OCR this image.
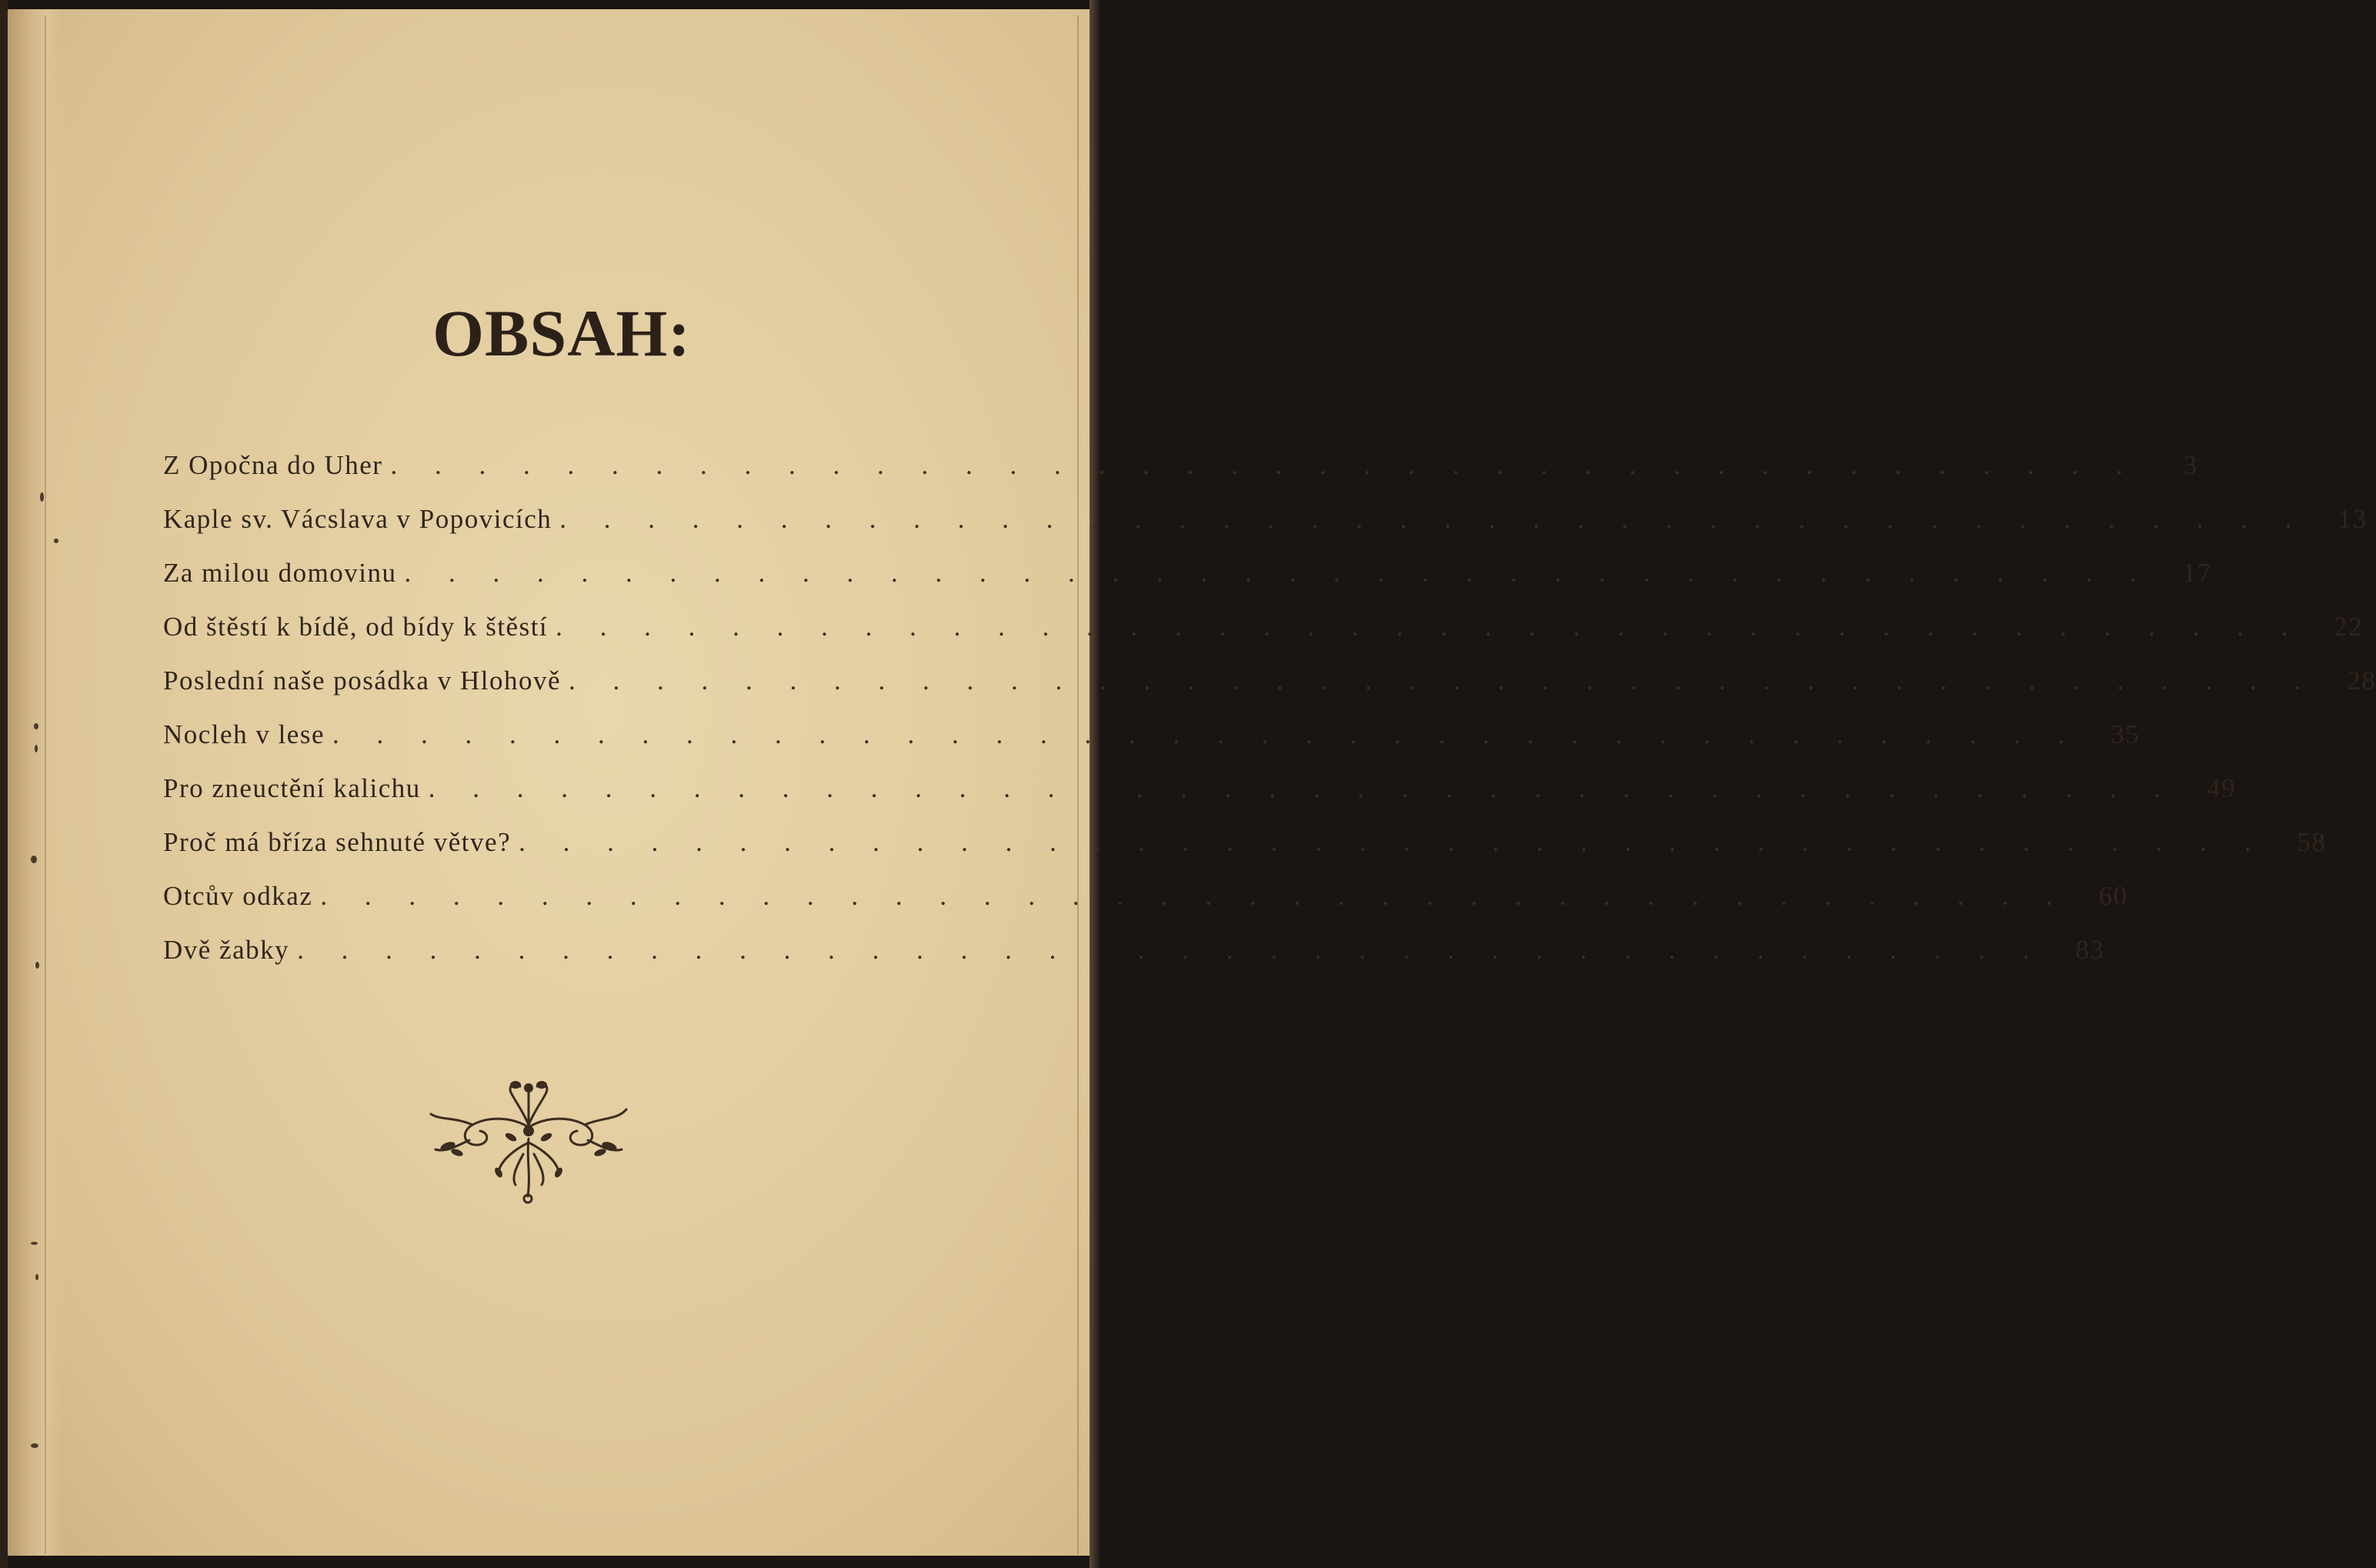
OBSAH:
Z Opočna do Uher . . . . . . . . . . . . . . . . . . . . . . . . . . . . . . . . . . . . . . . .	3
Kaple sv. Vácslava v Popovicích . . . . . . . . . . . . . . . . . . . . . . . . . . . . . . . . . . . . . . . .	13
Za milou domovinu . . . . . . . . . . . . . . . . . . . . . . . . . . . . . . . . . . . . . . . .	17
Od štěstí k bídě, od bídy k štěstí . . . . . . . . . . . . . . . . . . . . . . . . . . . . . . . . . . . . . . . .	22
Poslední naše posádka v Hlohově . . . . . . . . . . . . . . . . . . . . . . . . . . . . . . . . . . . . . . . .	28
Nocleh v lese . . . . . . . . . . . . . . . . . . . . . . . . . . . . . . . . . . . . . . . .	35
Pro zneuctění kalichu . . . . . . . . . . . . . . . . . . . . . . . . . . . . . . . . . . . . . . . .	49
Proč má bříza sehnuté větve? . . . . . . . . . . . . . . . . . . . . . . . . . . . . . . . . . . . . . . . .	58
Otcův odkaz . . . . . . . . . . . . . . . . . . . . . . . . . . . . . . . . . . . . . . . .	60
Dvě žabky . . . . . . . . . . . . . . . . . . . . . . . . . . . . . . . . . . . . . . . .	83
